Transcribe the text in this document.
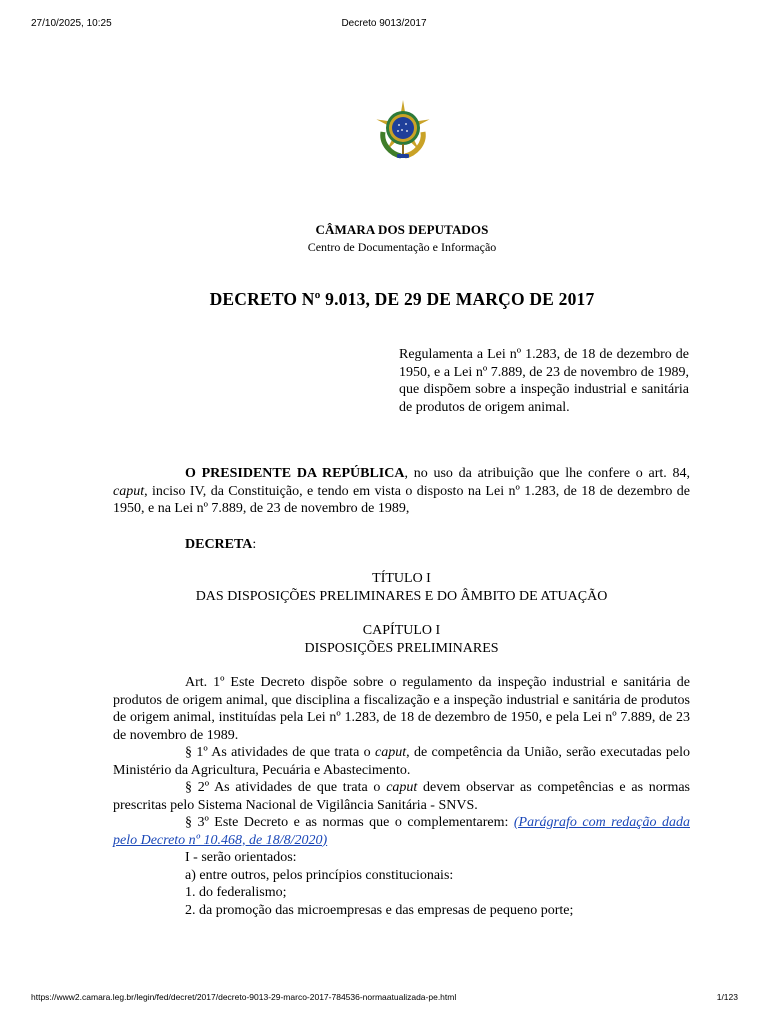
27/10/2025, 10:25	Decreto 9013/2017
CÂMARA DOS DEPUTADOS
Centro de Documentação e Informação
DECRETO Nº 9.013, DE 29 DE MARÇO DE 2017
Regulamenta a Lei nº 1.283, de 18 de dezembro de 1950, e a Lei nº 7.889, de 23 de novembro de 1989, que dispõem sobre a inspeção industrial e sanitária de produtos de origem animal.

O PRESIDENTE DA REPÚBLICA, no uso da atribuição que lhe confere o art. 84, caput, inciso IV, da Constituição, e tendo em vista o disposto na Lei nº 1.283, de 18 de dezembro de 1950, e na Lei nº 7.889, de 23 de novembro de 1989,

DECRETA:

TÍTULO I
DAS DISPOSIÇÕES PRELIMINARES E DO ÂMBITO DE ATUAÇÃO

CAPÍTULO I
DISPOSIÇÕES PRELIMINARES

Art. 1º Este Decreto dispõe sobre o regulamento da inspeção industrial e sanitária de produtos de origem animal, que disciplina a fiscalização e a inspeção industrial e sanitária de produtos de origem animal, instituídas pela Lei nº 1.283, de 18 de dezembro de 1950, e pela Lei nº 7.889, de 23 de novembro de 1989.

§ 1º As atividades de que trata o caput, de competência da União, serão executadas pelo Ministério da Agricultura, Pecuária e Abastecimento.

§ 2º As atividades de que trata o caput devem observar as competências e as normas prescritas pelo Sistema Nacional de Vigilância Sanitária - SNVS.

§ 3º Este Decreto e as normas que o complementarem: (Parágrafo com redação dada pelo Decreto nº 10.468, de 18/8/2020)

I - serão orientados:

a) entre outros, pelos princípios constitucionais:

1. do federalismo;

2. da promoção das microempresas e das empresas de pequeno porte;

https://www2.camara.leg.br/legin/fed/decret/2017/decreto-9013-29-marco-2017-784536-normaatualizada-pe.html	1/123
